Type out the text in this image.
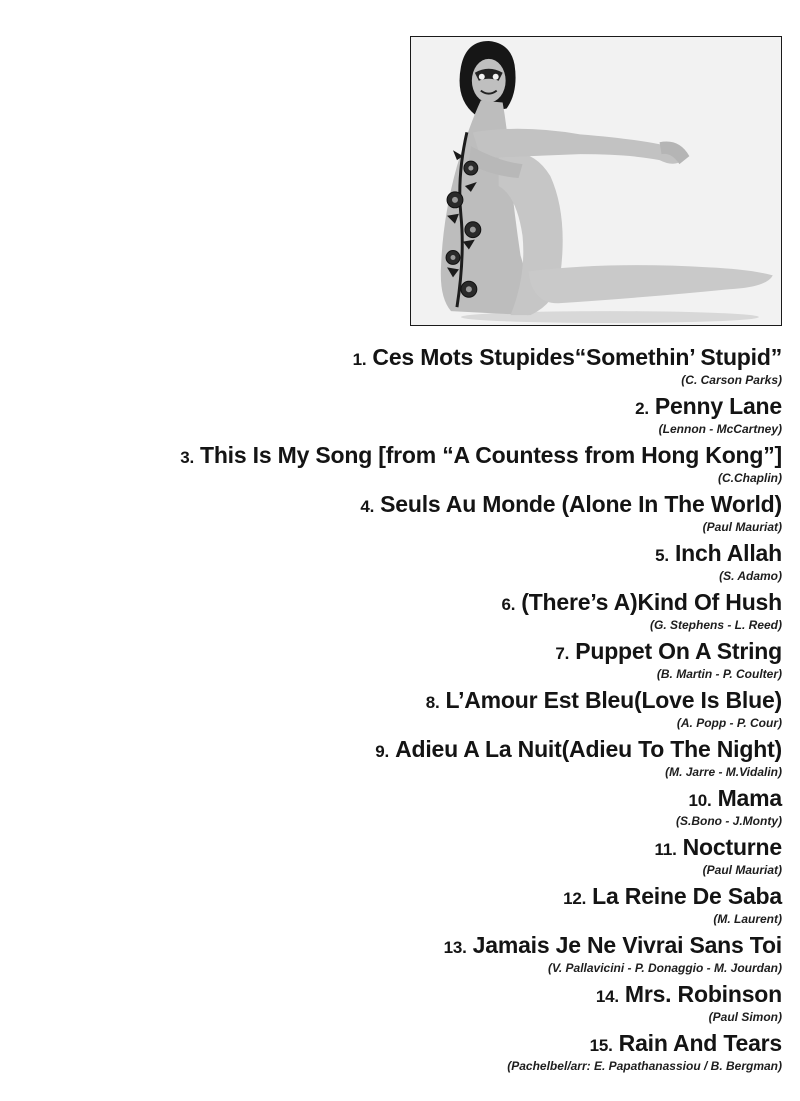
1. Ces Mots Stupides“Somethin’ Stupid”
(C. Carson Parks)
2. Penny Lane
(Lennon - McCartney)
3. This Is My Song [from “A Countess from Hong Kong”]
(C.Chaplin)
4. Seuls Au Monde (Alone In The World)
(Paul Mauriat)
5. Inch Allah
(S. Adamo)
6. (There’s A)Kind Of Hush
(G. Stephens - L. Reed)
7. Puppet On A String
(B. Martin - P. Coulter)
8. L’Amour Est Bleu(Love Is Blue)
(A. Popp - P. Cour)
9. Adieu A La Nuit(Adieu To The Night)
(M. Jarre - M.Vidalin)
10. Mama
(S.Bono - J.Monty)
11. Nocturne
(Paul Mauriat)
12. La Reine De Saba
(M. Laurent)
13. Jamais Je Ne Vivrai Sans Toi
(V. Pallavicini - P. Donaggio - M. Jourdan)
14. Mrs. Robinson
(Paul Simon)
15. Rain And Tears
(Pachelbel/arr: E. Papathanassiou / B. Bergman)
